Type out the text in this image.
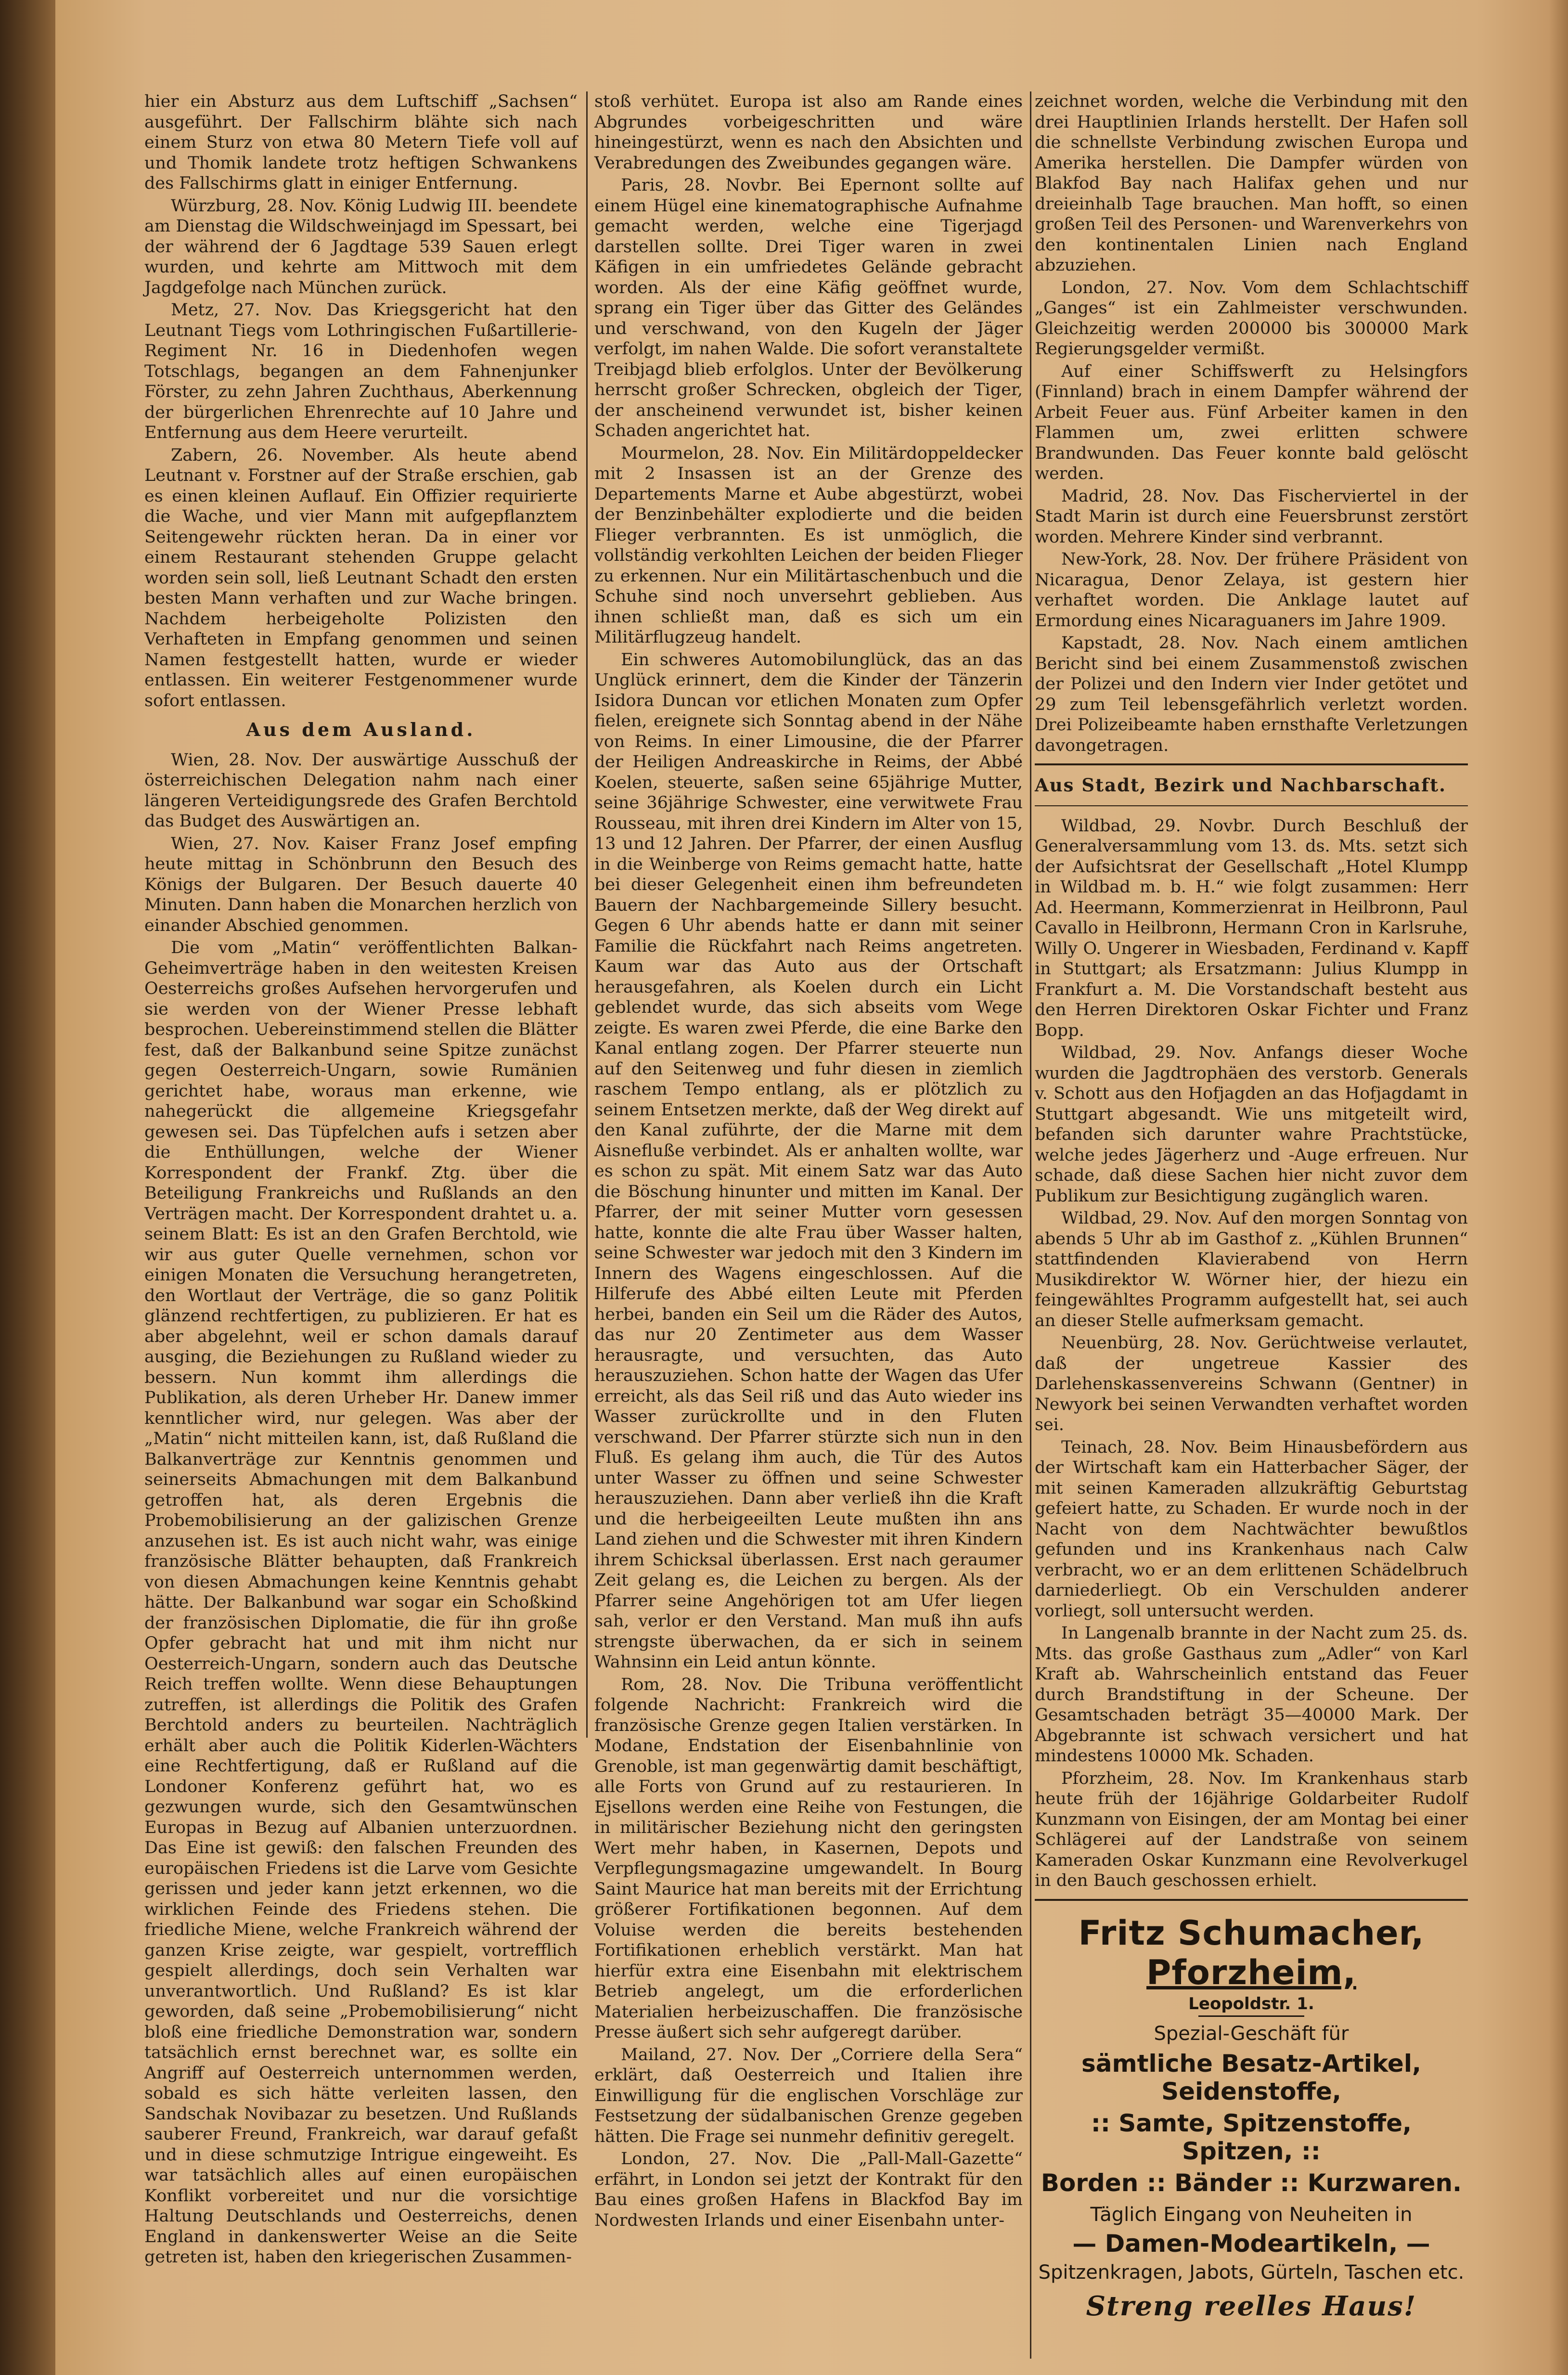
hier ein Absturz aus dem Luftschiff „Sachsen“ ausgeführt. Der Fallschirm blähte sich nach einem Sturz von etwa 80 Metern Tiefe voll auf und Thomik landete trotz heftigen Schwankens des Fallschirms glatt in einiger Entfernung.

Würzburg, 28. Nov. König Ludwig III. beendete am Dienstag die Wildschweinjagd im Spessart, bei der während der 6 Jagdtage 539 Sauen erlegt wurden, und kehrte am Mittwoch mit dem Jagdgefolge nach München zurück.

Metz, 27. Nov. Das Kriegsgericht hat den Leutnant Tiegs vom Lothringischen Fußartillerie-Regiment Nr. 16 in Diedenhofen wegen Totschlags, begangen an dem Fahnenjunker Förster, zu zehn Jahren Zuchthaus, Aberkennung der bürgerlichen Ehrenrechte auf 10 Jahre und Entfernung aus dem Heere verurteilt.

Zabern, 26. November. Als heute abend Leutnant v. Forstner auf der Straße erschien, gab es einen kleinen Auflauf. Ein Offizier requirierte die Wache, und vier Mann mit aufgepflanztem Seitengewehr rückten heran. Da in einer vor einem Restaurant stehenden Gruppe gelacht worden sein soll, ließ Leutnant Schadt den ersten besten Mann verhaften und zur Wache bringen. Nachdem herbeigeholte Polizisten den Verhafteten in Empfang genommen und seinen Namen festgestellt hatten, wurde er wieder entlassen. Ein weiterer Festgenommener wurde sofort entlassen.

Aus dem Ausland.

Wien, 28. Nov. Der auswärtige Ausschuß der österreichischen Delegation nahm nach einer längeren Verteidigungsrede des Grafen Berchtold das Budget des Auswärtigen an.

Wien, 27. Nov. Kaiser Franz Josef empfing heute mittag in Schönbrunn den Besuch des Königs der Bulgaren. Der Besuch dauerte 40 Minuten. Dann haben die Monarchen herzlich von einander Abschied genommen.

Die vom „Matin“ veröffentlichten Balkan-Geheimverträge haben in den weitesten Kreisen Oesterreichs großes Aufsehen hervorgerufen und sie werden von der Wiener Presse lebhaft besprochen. Uebereinstimmend stellen die Blätter fest, daß der Balkanbund seine Spitze zunächst gegen Oesterreich-Ungarn, sowie Rumänien gerichtet habe, woraus man erkenne, wie nahegerückt die allgemeine Kriegsgefahr gewesen sei. Das Tüpfelchen aufs i setzen aber die Enthüllungen, welche der Wiener Korrespondent der Frankf. Ztg. über die Beteiligung Frankreichs und Rußlands an den Verträgen macht. Der Korrespondent drahtet u. a. seinem Blatt: Es ist an den Grafen Berchtold, wie wir aus guter Quelle vernehmen, schon vor einigen Monaten die Versuchung herangetreten, den Wortlaut der Verträge, die so ganz Politik glänzend rechtfertigen, zu publizieren. Er hat es aber abgelehnt, weil er schon damals darauf ausging, die Beziehungen zu Rußland wieder zu bessern. Nun kommt ihm allerdings die Publikation, als deren Urheber Hr. Danew immer kenntlicher wird, nur gelegen. Was aber der „Matin“ nicht mitteilen kann, ist, daß Rußland die Balkanverträge zur Kenntnis genommen und seinerseits Abmachungen mit dem Balkanbund getroffen hat, als deren Ergebnis die Probemobilisierung an der galizischen Grenze anzusehen ist. Es ist auch nicht wahr, was einige französische Blätter behaupten, daß Frankreich von diesen Abmachungen keine Kenntnis gehabt hätte. Der Balkanbund war sogar ein Schoßkind der französischen Diplomatie, die für ihn große Opfer gebracht hat und mit ihm nicht nur Oesterreich-Ungarn, sondern auch das Deutsche Reich treffen wollte. Wenn diese Behauptungen zutreffen, ist allerdings die Politik des Grafen Berchtold anders zu beurteilen. Nachträglich erhält aber auch die Politik Kiderlen-Wächters eine Rechtfertigung, daß er Rußland auf die Londoner Konferenz geführt hat, wo es gezwungen wurde, sich den Gesamtwünschen Europas in Bezug auf Albanien unterzuordnen. Das Eine ist gewiß: den falschen Freunden des europäischen Friedens ist die Larve vom Gesichte gerissen und jeder kann jetzt erkennen, wo die wirklichen Feinde des Friedens stehen. Die friedliche Miene, welche Frankreich während der ganzen Krise zeigte, war gespielt, vortrefflich gespielt allerdings, doch sein Verhalten war unverantwortlich. Und Rußland? Es ist klar geworden, daß seine „Probemobilisierung“ nicht bloß eine friedliche Demonstration war, sondern tatsächlich ernst berechnet war, es sollte ein Angriff auf Oesterreich unternommen werden, sobald es sich hätte verleiten lassen, den Sandschak Novibazar zu besetzen. Und Rußlands sauberer Freund, Frankreich, war darauf gefaßt und in diese schmutzige Intrigue eingeweiht. Es war tatsächlich alles auf einen europäischen Konflikt vorbereitet und nur die vorsichtige Haltung Deutschlands und Oesterreichs, denen England in dankenswerter Weise an die Seite getreten ist, haben den kriegerischen Zusammen-

stoß verhütet. Europa ist also am Rande eines Abgrundes vorbeigeschritten und wäre hineingestürzt, wenn es nach den Absichten und Verabredungen des Zweibundes gegangen wäre.

Paris, 28. Novbr. Bei Epernont sollte auf einem Hügel eine kinematographische Aufnahme gemacht werden, welche eine Tigerjagd darstellen sollte. Drei Tiger waren in zwei Käfigen in ein umfriedetes Gelände gebracht worden. Als der eine Käfig geöffnet wurde, sprang ein Tiger über das Gitter des Geländes und verschwand, von den Kugeln der Jäger verfolgt, im nahen Walde. Die sofort veranstaltete Treibjagd blieb erfolglos. Unter der Bevölkerung herrscht großer Schrecken, obgleich der Tiger, der anscheinend verwundet ist, bisher keinen Schaden angerichtet hat.

Mourmelon, 28. Nov. Ein Militärdoppeldecker mit 2 Insassen ist an der Grenze des Departements Marne et Aube abgestürzt, wobei der Benzinbehälter explodierte und die beiden Flieger verbrannten. Es ist unmöglich, die vollständig verkohlten Leichen der beiden Flieger zu erkennen. Nur ein Militärtaschenbuch und die Schuhe sind noch unversehrt geblieben. Aus ihnen schließt man, daß es sich um ein Militärflugzeug handelt.

Ein schweres Automobilunglück, das an das Unglück erinnert, dem die Kinder der Tänzerin Isidora Duncan vor etlichen Monaten zum Opfer fielen, ereignete sich Sonntag abend in der Nähe von Reims. In einer Limousine, die der Pfarrer der Heiligen Andreaskirche in Reims, der Abbé Koelen, steuerte, saßen seine 65jährige Mutter, seine 36jährige Schwester, eine verwitwete Frau Rousseau, mit ihren drei Kindern im Alter von 15, 13 und 12 Jahren. Der Pfarrer, der einen Ausflug in die Weinberge von Reims gemacht hatte, hatte bei dieser Gelegenheit einen ihm befreundeten Bauern der Nachbargemeinde Sillery besucht. Gegen 6 Uhr abends hatte er dann mit seiner Familie die Rückfahrt nach Reims angetreten. Kaum war das Auto aus der Ortschaft herausgefahren, als Koelen durch ein Licht geblendet wurde, das sich abseits vom Wege zeigte. Es waren zwei Pferde, die eine Barke den Kanal entlang zogen. Der Pfarrer steuerte nun auf den Seitenweg und fuhr diesen in ziemlich raschem Tempo entlang, als er plötzlich zu seinem Entsetzen merkte, daß der Weg direkt auf den Kanal zuführte, der die Marne mit dem Aisnefluße verbindet. Als er anhalten wollte, war es schon zu spät. Mit einem Satz war das Auto die Böschung hinunter und mitten im Kanal. Der Pfarrer, der mit seiner Mutter vorn gesessen hatte, konnte die alte Frau über Wasser halten, seine Schwester war jedoch mit den 3 Kindern im Innern des Wagens eingeschlossen. Auf die Hilferufe des Abbé eilten Leute mit Pferden herbei, banden ein Seil um die Räder des Autos, das nur 20 Zentimeter aus dem Wasser herausragte, und versuchten, das Auto herauszuziehen. Schon hatte der Wagen das Ufer erreicht, als das Seil riß und das Auto wieder ins Wasser zurückrollte und in den Fluten verschwand. Der Pfarrer stürzte sich nun in den Fluß. Es gelang ihm auch, die Tür des Autos unter Wasser zu öffnen und seine Schwester herauszuziehen. Dann aber verließ ihn die Kraft und die herbeigeeilten Leute mußten ihn ans Land ziehen und die Schwester mit ihren Kindern ihrem Schicksal überlassen. Erst nach geraumer Zeit gelang es, die Leichen zu bergen. Als der Pfarrer seine Angehörigen tot am Ufer liegen sah, verlor er den Verstand. Man muß ihn aufs strengste überwachen, da er sich in seinem Wahnsinn ein Leid antun könnte.

Rom, 28. Nov. Die Tribuna veröffentlicht folgende Nachricht: Frankreich wird die französische Grenze gegen Italien verstärken. In Modane, Endstation der Eisenbahnlinie von Grenoble, ist man gegenwärtig damit beschäftigt, alle Forts von Grund auf zu restaurieren. In Ejsellons werden eine Reihe von Festungen, die in militärischer Beziehung nicht den geringsten Wert mehr haben, in Kasernen, Depots und Verpflegungsmagazine umgewandelt. In Bourg Saint Maurice hat man bereits mit der Errichtung größerer Fortifikationen begonnen. Auf dem Voluise werden die bereits bestehenden Fortifikationen erheblich verstärkt. Man hat hierfür extra eine Eisenbahn mit elektrischem Betrieb angelegt, um die erforderlichen Materialien herbeizuschaffen. Die französische Presse äußert sich sehr aufgeregt darüber.

Mailand, 27. Nov. Der „Corriere della Sera“ erklärt, daß Oesterreich und Italien ihre Einwilligung für die englischen Vorschläge zur Festsetzung der südalbanischen Grenze gegeben hätten. Die Frage sei nunmehr definitiv geregelt.

London, 27. Nov. Die „Pall-Mall-Gazette“ erfährt, in London sei jetzt der Kontrakt für den Bau eines großen Hafens in Blackfod Bay im Nordwesten Irlands und einer Eisenbahn unter-

zeichnet worden, welche die Verbindung mit den drei Hauptlinien Irlands herstellt. Der Hafen soll die schnellste Verbindung zwischen Europa und Amerika herstellen. Die Dampfer würden von Blakfod Bay nach Halifax gehen und nur dreieinhalb Tage brauchen. Man hofft, so einen großen Teil des Personen- und Warenverkehrs von den kontinentalen Linien nach England abzuziehen.

London, 27. Nov. Vom dem Schlachtschiff „Ganges“ ist ein Zahlmeister verschwunden. Gleichzeitig werden 200000 bis 300000 Mark Regierungsgelder vermißt.

Auf einer Schiffswerft zu Helsingfors (Finnland) brach in einem Dampfer während der Arbeit Feuer aus. Fünf Arbeiter kamen in den Flammen um, zwei erlitten schwere Brandwunden. Das Feuer konnte bald gelöscht werden.

Madrid, 28. Nov. Das Fischerviertel in der Stadt Marin ist durch eine Feuersbrunst zerstört worden. Mehrere Kinder sind verbrannt.

New-York, 28. Nov. Der frühere Präsident von Nicaragua, Denor Zelaya, ist gestern hier verhaftet worden. Die Anklage lautet auf Ermordung eines Nicaraguaners im Jahre 1909.

Kapstadt, 28. Nov. Nach einem amtlichen Bericht sind bei einem Zusammenstoß zwischen der Polizei und den Indern vier Inder getötet und 29 zum Teil lebensgefährlich verletzt worden. Drei Polizeibeamte haben ernsthafte Verletzungen davongetragen.

Aus Stadt, Bezirk und Nachbarschaft.

Wildbad, 29. Novbr. Durch Beschluß der Generalversammlung vom 13. ds. Mts. setzt sich der Aufsichtsrat der Gesellschaft „Hotel Klumpp in Wildbad m. b. H.“ wie folgt zusammen: Herr Ad. Heermann, Kommerzienrat in Heilbronn, Paul Cavallo in Heilbronn, Hermann Cron in Karlsruhe, Willy O. Ungerer in Wiesbaden, Ferdinand v. Kapff in Stuttgart; als Ersatzmann: Julius Klumpp in Frankfurt a. M. Die Vorstandschaft besteht aus den Herren Direktoren Oskar Fichter und Franz Bopp.

Wildbad, 29. Nov. Anfangs dieser Woche wurden die Jagdtrophäen des verstorb. Generals v. Schott aus den Hofjagden an das Hofjagdamt in Stuttgart abgesandt. Wie uns mitgeteilt wird, befanden sich darunter wahre Prachtstücke, welche jedes Jägerherz und -Auge erfreuen. Nur schade, daß diese Sachen hier nicht zuvor dem Publikum zur Besichtigung zugänglich waren.

Wildbad, 29. Nov. Auf den morgen Sonntag von abends 5 Uhr ab im Gasthof z. „Kühlen Brunnen“ stattfindenden Klavierabend von Herrn Musikdirektor W. Wörner hier, der hiezu ein feingewähltes Programm aufgestellt hat, sei auch an dieser Stelle aufmerksam gemacht.

Neuenbürg, 28. Nov. Gerüchtweise verlautet, daß der ungetreue Kassier des Darlehenskassenvereins Schwann (Gentner) in Newyork bei seinen Verwandten verhaftet worden sei.

Teinach, 28. Nov. Beim Hinausbefördern aus der Wirtschaft kam ein Hatterbacher Säger, der mit seinen Kameraden allzukräftig Geburtstag gefeiert hatte, zu Schaden. Er wurde noch in der Nacht von dem Nachtwächter bewußtlos gefunden und ins Krankenhaus nach Calw verbracht, wo er an dem erlittenen Schädelbruch darniederliegt. Ob ein Verschulden anderer vorliegt, soll untersucht werden.

In Langenalb brannte in der Nacht zum 25. ds. Mts. das große Gasthaus zum „Adler“ von Karl Kraft ab. Wahrscheinlich entstand das Feuer durch Brandstiftung in der Scheune. Der Gesamtschaden beträgt 35—40000 Mark. Der Abgebrannte ist schwach versichert und hat mindestens 10000 Mk. Schaden.

Pforzheim, 28. Nov. Im Krankenhaus starb heute früh der 16jährige Goldarbeiter Rudolf Kunzmann von Eisingen, der am Montag bei einer Schlägerei auf der Landstraße von seinem Kameraden Oskar Kunzmann eine Revolverkugel in den Bauch geschossen erhielt.

Fritz Schumacher, Pforzheim,
Leopoldstr. 1.
Spezial-Geschäft für
sämtliche Besatz-Artikel, Seidenstoffe,
:: Samte, Spitzenstoffe, Spitzen, ::
Borden :: Bänder :: Kurzwaren.
Täglich Eingang von Neuheiten in
— Damen-Modeartikeln, —
Spitzenkragen, Jabots, Gürteln, Taschen etc.
Streng reelles Haus!
